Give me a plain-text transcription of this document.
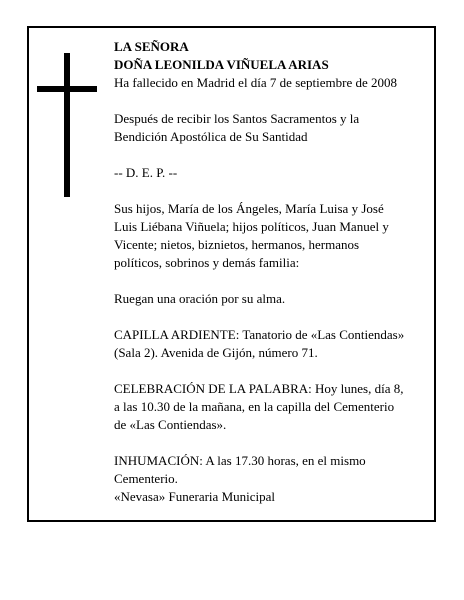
LA SEÑORA

DOÑA LEONILDA VIÑUELA ARIAS

Ha fallecido en Madrid el día 7 de septiembre de 2008

Después de recibir los Santos Sacramentos y la

Bendición Apostólica de Su Santidad

-- D. E. P. --

Sus hijos, María de los Ángeles, María Luisa y José

Luis Liébana Viñuela; hijos políticos, Juan Manuel y

Vicente; nietos, biznietos, hermanos, hermanos

políticos, sobrinos y demás familia:

Ruegan una oración por su alma.

CAPILLA ARDIENTE: Tanatorio de «Las Contiendas»

(Sala 2). Avenida de Gijón, número 71.

CELEBRACIÓN DE LA PALABRA: Hoy lunes, día 8,

a las 10.30 de la mañana, en la capilla del Cementerio

de «Las Contiendas».

INHUMACIÓN: A las 17.30 horas, en el mismo

Cementerio.

«Nevasa» Funeraria Municipal
